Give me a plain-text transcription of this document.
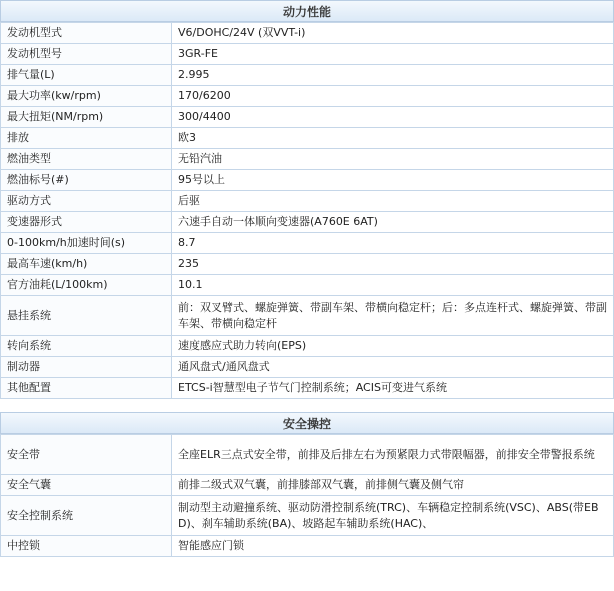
动力性能
发动机型式	V6/DOHC/24V (双VVT-i)
发动机型号	3GR-FE
排气量(L)	2.995
最大功率(kw/rpm)	170/6200
最大扭矩(NM/rpm)	300/4400
排放	欧3
燃油类型	无铅汽油
燃油标号(#)	95号以上
驱动方式	后驱
变速器形式	六速手自动一体顺向变速器(A760E 6AT)
0-100km/h加速时间(s)	8.7
最高车速(km/h)	235
官方油耗(L/100km)	10.1
悬挂系统	前：双叉臂式、螺旋弹簧、带副车架、带横向稳定杆；后：多点连杆式、螺旋弹簧、带副车架、带横向稳定杆
转向系统	速度感应式助力转向(EPS)
制动器	通风盘式/通风盘式
其他配置	ETCS-i智慧型电子节气门控制系统；ACIS可变进气系统
安全操控
安全带	全座ELR三点式安全带，前排及后排左右为预紧限力式带限幅器，前排安全带警报系统
安全气囊	前排二级式双气囊，前排膝部双气囊，前排侧气囊及侧气帘
安全控制系统	制动型主动避撞系统、驱动防滑控制系统(TRC)、车辆稳定控制系统(VSC)、ABS(带EBD)、刹车辅助系统(BA)、坡路起车辅助系统(HAC)、
中控锁	智能感应门锁
